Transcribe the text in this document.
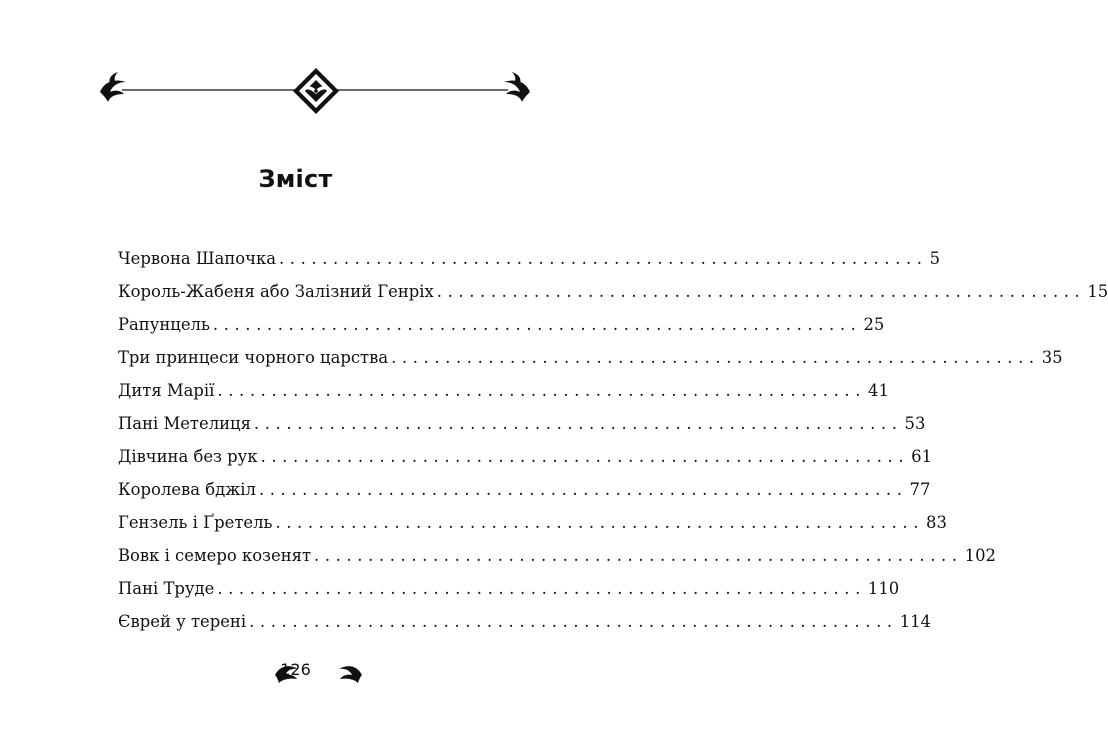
Зміст
Червона Шапочка ............................................................ 5
Король-Жабеня або Залізний Генріх ............................................................ 15
Рапунцель ............................................................ 25
Три принцеси чорного царства ............................................................ 35
Дитя Марії ............................................................ 41
Пані Метелиця ............................................................ 53
Дівчина без рук ............................................................ 61
Королева бджіл ............................................................ 77
Гензель і Ґретель ............................................................ 83
Вовк і семеро козенят ............................................................ 102
Пані Труде ............................................................ 110
Єврей у терені ............................................................ 114
126
